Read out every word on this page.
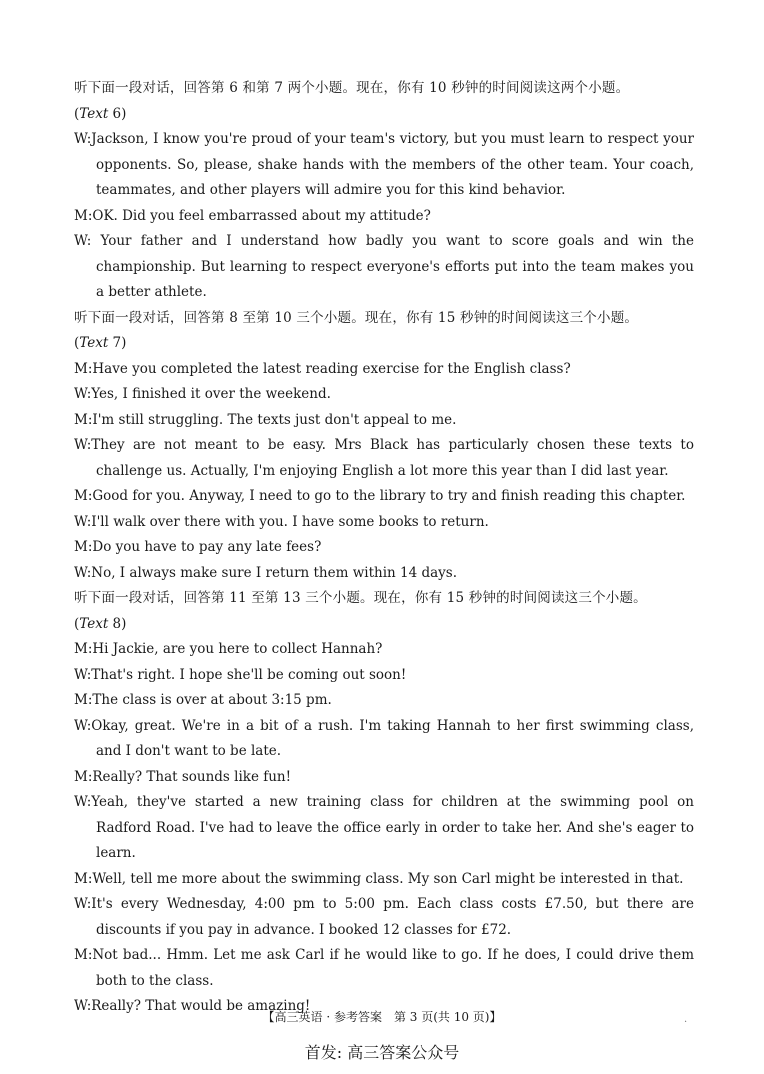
听下面一段对话，回答第 6 和第 7 两个小题。现在，你有 10 秒钟的时间阅读这两个小题。
(Text 6)
W:Jackson, I know you're proud of your team's victory, but you must learn to respect your opponents. So, please, shake hands with the members of the other team. Your coach, teammates, and other players will admire you for this kind behavior.
M:OK. Did you feel embarrassed about my attitude?
W: Your father and I understand how badly you want to score goals and win the championship. But learning to respect everyone's efforts put into the team makes you a better athlete.
听下面一段对话，回答第 8 至第 10 三个小题。现在，你有 15 秒钟的时间阅读这三个小题。
(Text 7)
M:Have you completed the latest reading exercise for the English class?
W:Yes, I finished it over the weekend.
M:I'm still struggling. The texts just don't appeal to me.
W:They are not meant to be easy. Mrs Black has particularly chosen these texts to challenge us. Actually, I'm enjoying English a lot more this year than I did last year.
M:Good for you. Anyway, I need to go to the library to try and finish reading this chapter.
W:I'll walk over there with you. I have some books to return.
M:Do you have to pay any late fees?
W:No, I always make sure I return them within 14 days.
听下面一段对话，回答第 11 至第 13 三个小题。现在，你有 15 秒钟的时间阅读这三个小题。
(Text 8)
M:Hi Jackie, are you here to collect Hannah?
W:That's right. I hope she'll be coming out soon!
M:The class is over at about 3:15 pm.
W:Okay, great. We're in a bit of a rush. I'm taking Hannah to her first swimming class, and I don't want to be late.
M:Really? That sounds like fun!
W:Yeah, they've started a new training class for children at the swimming pool on Radford Road. I've had to leave the office early in order to take her. And she's eager to learn.
M:Well, tell me more about the swimming class. My son Carl might be interested in that.
W:It's every Wednesday, 4:00 pm to 5:00 pm. Each class costs £7.50, but there are discounts if you pay in advance. I booked 12 classes for £72.
M:Not bad... Hmm. Let me ask Carl if he would like to go. If he does, I could drive them both to the class.
W:Really? That would be amazing!
【高三英语 · 参考答案　第 3 页(共 10 页)】	.
首发: 高三答案公众号
